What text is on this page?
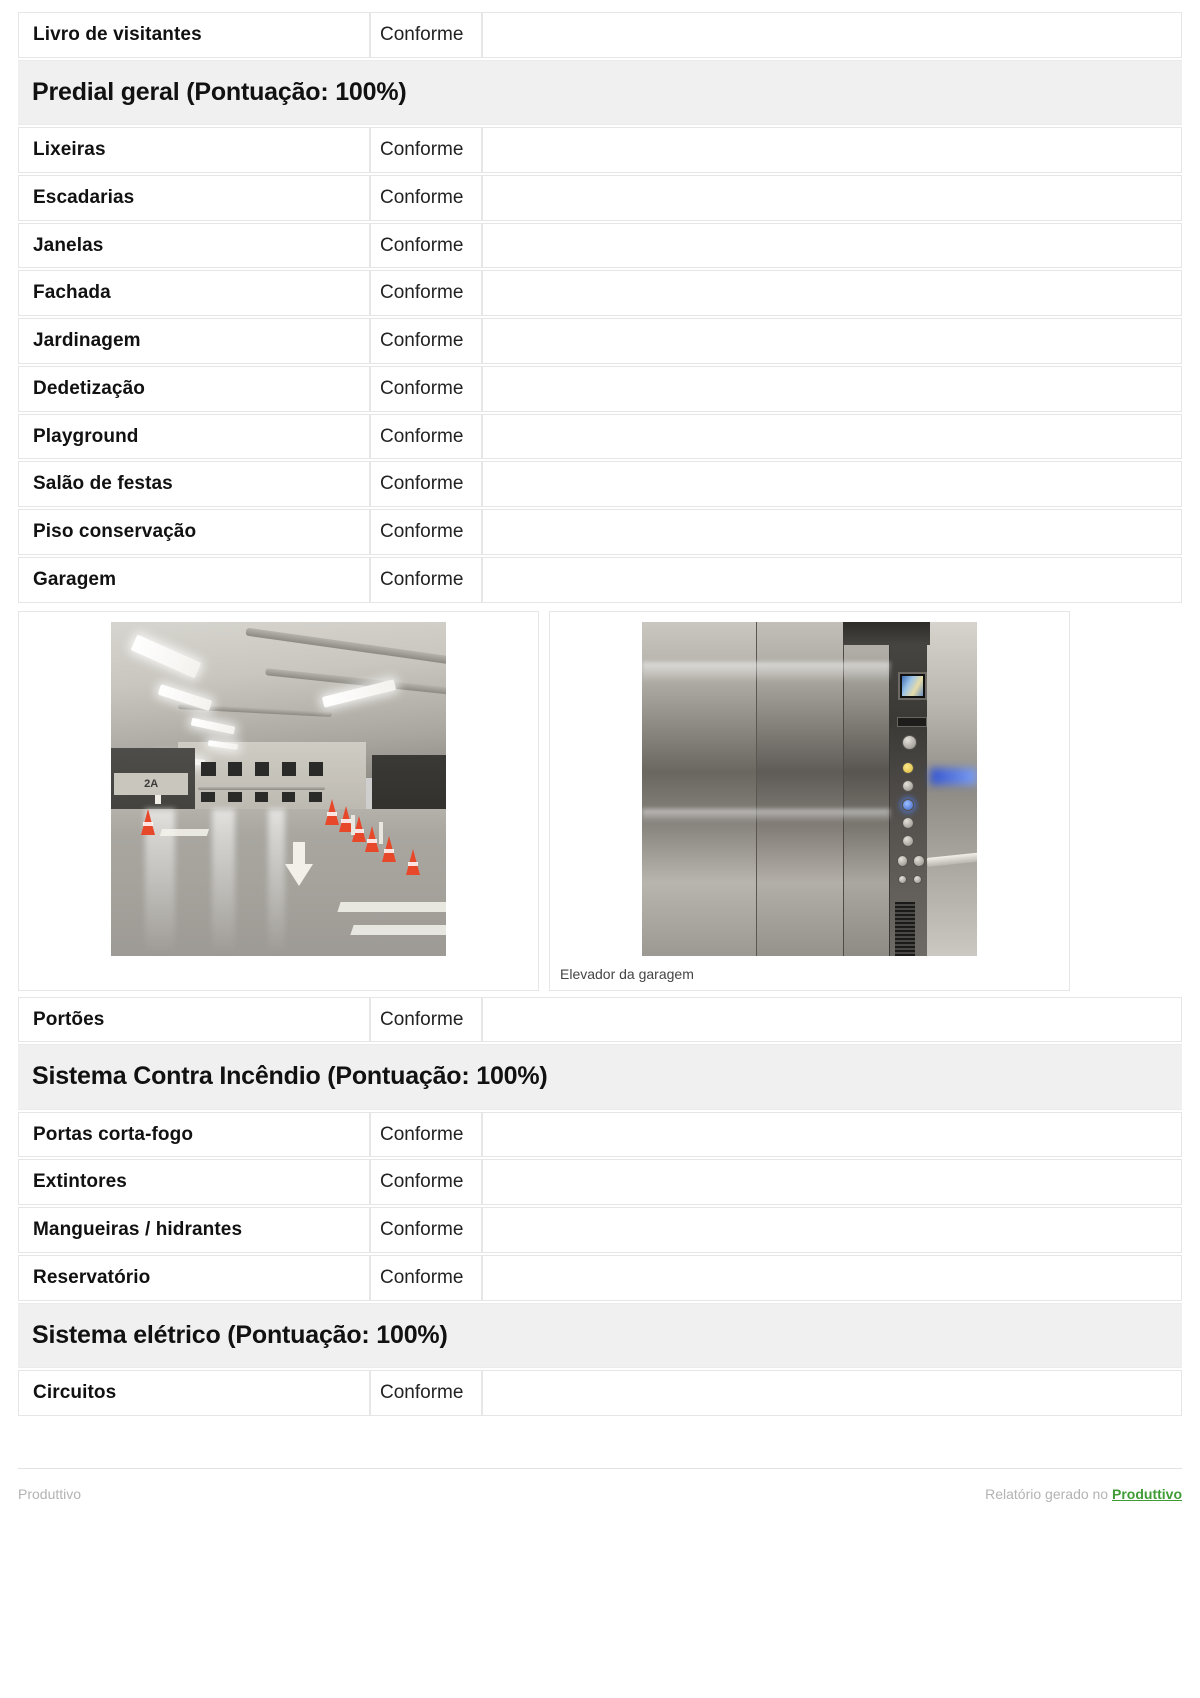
Livro de visitantes	Conforme	

Predial geral (Pontuação: 100%)		

Lixeiras	Conforme	
Escadarias	Conforme	
Janelas	Conforme	
Fachada	Conforme	
Jardinagem	Conforme	
Dedetização	Conforme	
Playground	Conforme	
Salão de festas	Conforme	
Piso conservação	Conforme	
Garagem	Conforme	

2A
Elevador da garagem		

Portões	Conforme	

Sistema Contra Incêndio (Pontuação: 100%)		

Portas corta-fogo	Conforme	
Extintores	Conforme	
Mangueiras / hidrantes	Conforme	
Reservatório	Conforme	

Sistema elétrico (Pontuação: 100%)		

Circuitos	Conforme	
Produttivo	Relatório gerado no Produttivo
